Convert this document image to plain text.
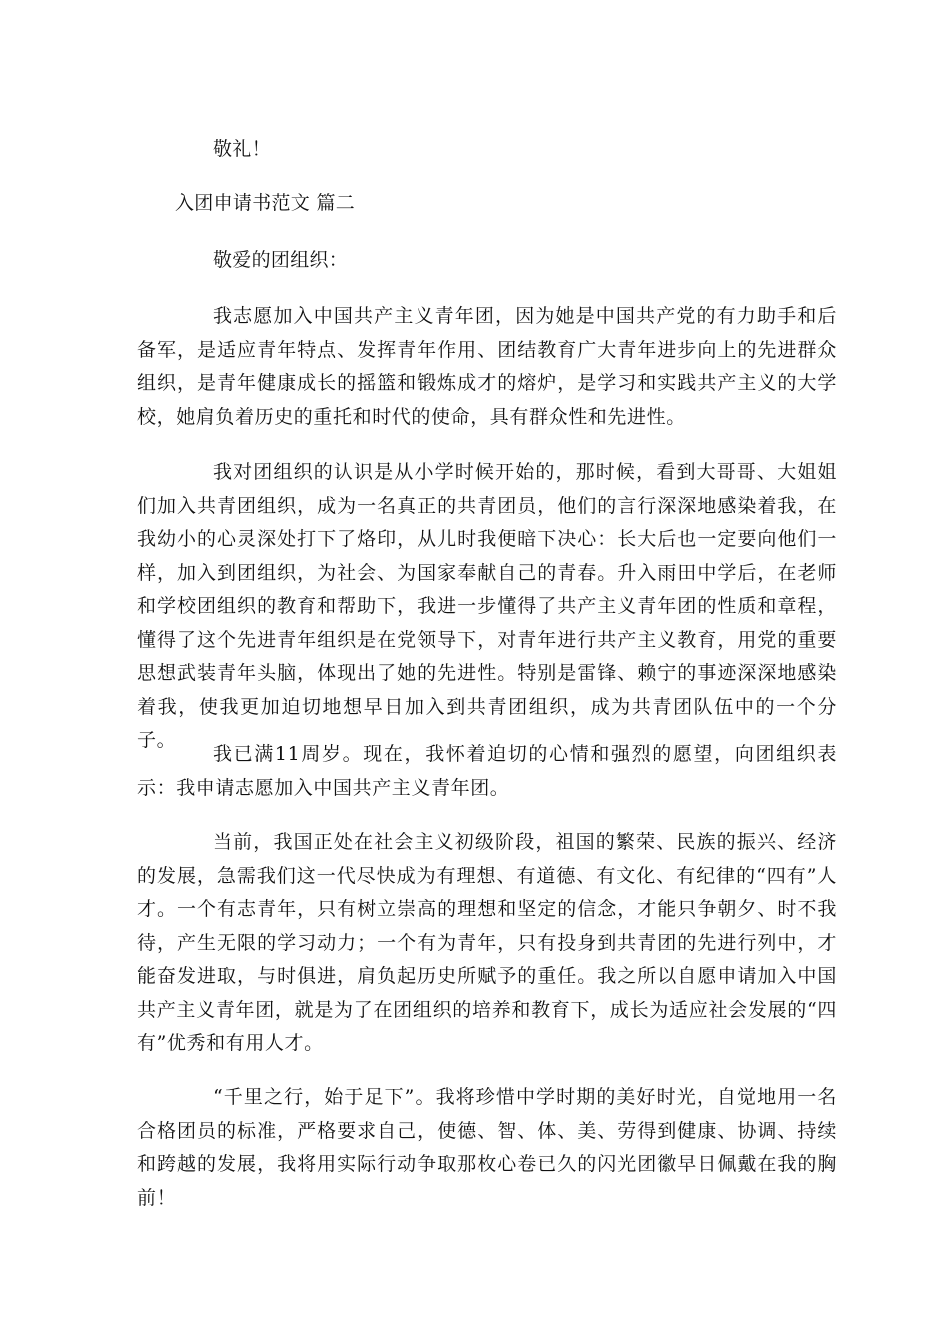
敬礼！
入团申请书范文 篇二
敬爱的团组织：
我志愿加入中国共产主义青年团，因为她是中国共产党的有力助手和后备军，是适应青年特点、发挥青年作用、团结教育广大青年进步向上的先进群众组织，是青年健康成长的摇篮和锻炼成才的熔炉，是学习和实践共产主义的大学校，她肩负着历史的重托和时代的使命，具有群众性和先进性。
我对团组织的认识是从小学时候开始的，那时候，看到大哥哥、大姐姐们加入共青团组织，成为一名真正的共青团员，他们的言行深深地感染着我，在我幼小的心灵深处打下了烙印，从儿时我便暗下决心：长大后也一定要向他们一样，加入到团组织，为社会、为国家奉献自己的青春。升入雨田中学后，在老师和学校团组织的教育和帮助下，我进一步懂得了共产主义青年团的性质和章程，懂得了这个先进青年组织是在党领导下，对青年进行共产主义教育，用党的重要思想武装青年头脑，体现出了她的先进性。特别是雷锋、赖宁的事迹深深地感染着我，使我更加迫切地想早日加入到共青团组织，成为共青团队伍中的一个分子。
我已满11周岁。现在，我怀着迫切的心情和强烈的愿望，向团组织表示：我申请志愿加入中国共产主义青年团。
当前，我国正处在社会主义初级阶段，祖国的繁荣、民族的振兴、经济的发展，急需我们这一代尽快成为有理想、有道德、有文化、有纪律的“四有”人才。一个有志青年，只有树立崇高的理想和坚定的信念，才能只争朝夕、时不我待，产生无限的学习动力；一个有为青年，只有投身到共青团的先进行列中，才能奋发进取，与时俱进，肩负起历史所赋予的重任。我之所以自愿申请加入中国共产主义青年团，就是为了在团组织的培养和教育下，成长为适应社会发展的“四有”优秀和有用人才。
“千里之行，始于足下”。我将珍惜中学时期的美好时光，自觉地用一名合格团员的标准，严格要求自己，使德、智、体、美、劳得到健康、协调、持续和跨越的发展，我将用实际行动争取那枚心卷已久的闪光团徽早日佩戴在我的胸前！
